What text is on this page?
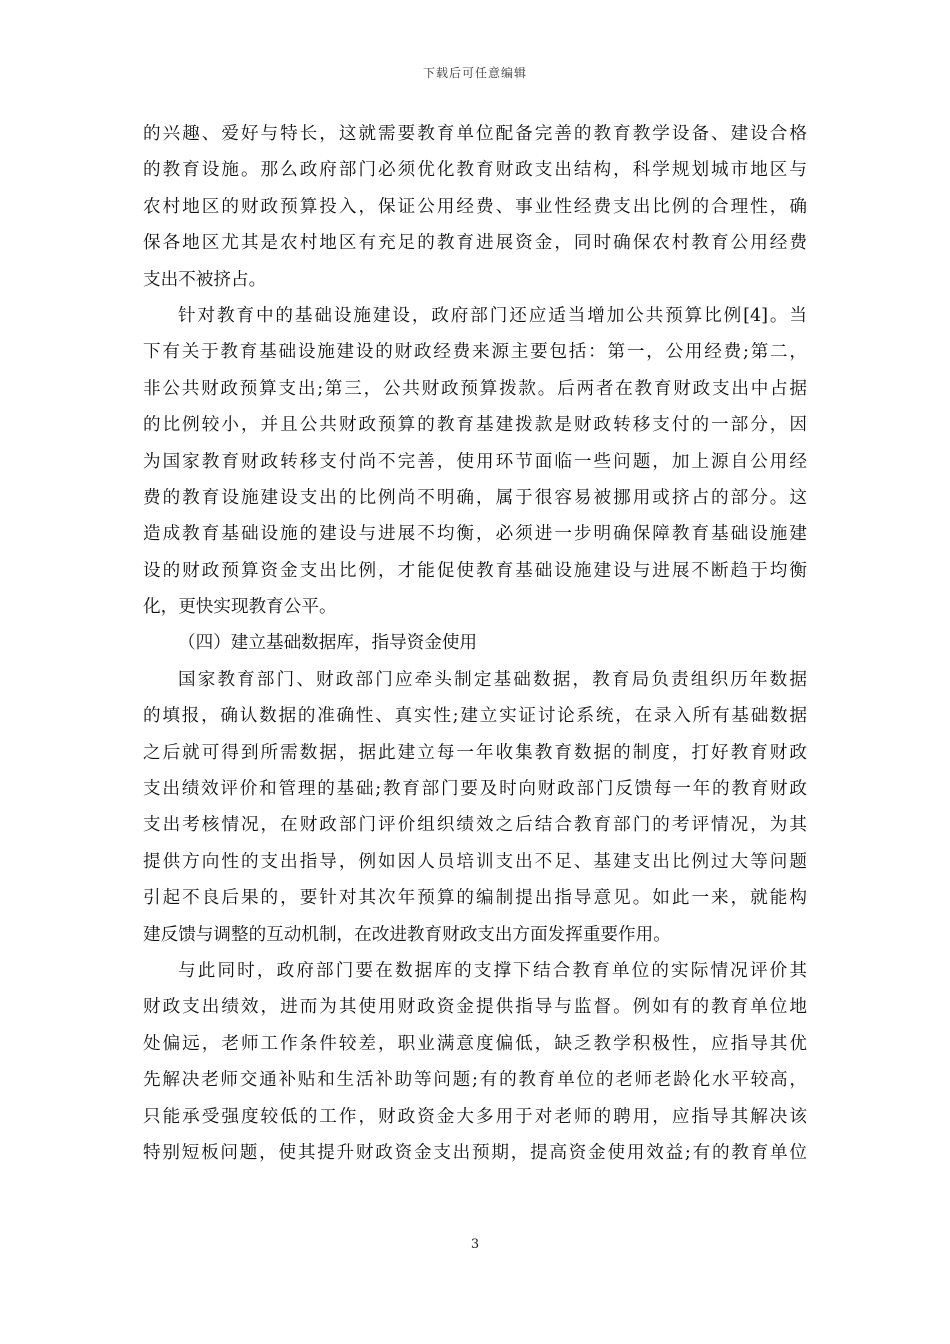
下载后可任意编辑
的兴趣、爱好与特长，这就需要教育单位配备完善的教育教学设备、建设合格
的教育设施。那么政府部门必须优化教育财政支出结构，科学规划城市地区与
农村地区的财政预算投入，保证公用经费、事业性经费支出比例的合理性，确
保各地区尤其是农村地区有充足的教育进展资金，同时确保农村教育公用经费
支出不被挤占。
针对教育中的基础设施建设，政府部门还应适当增加公共预算比例[4]。当
下有关于教育基础设施建设的财政经费来源主要包括：第一，公用经费;第二，
非公共财政预算支出;第三，公共财政预算拨款。后两者在教育财政支出中占据
的比例较小，并且公共财政预算的教育基建拨款是财政转移支付的一部分，因
为国家教育财政转移支付尚不完善，使用环节面临一些问题，加上源自公用经
费的教育设施建设支出的比例尚不明确，属于很容易被挪用或挤占的部分。这
造成教育基础设施的建设与进展不均衡，必须进一步明确保障教育基础设施建
设的财政预算资金支出比例，才能促使教育基础设施建设与进展不断趋于均衡
化，更快实现教育公平。
（四）建立基础数据库，指导资金使用
国家教育部门、财政部门应牵头制定基础数据，教育局负责组织历年数据
的填报，确认数据的准确性、真实性;建立实证讨论系统，在录入所有基础数据
之后就可得到所需数据，据此建立每一年收集教育数据的制度，打好教育财政
支出绩效评价和管理的基础;教育部门要及时向财政部门反馈每一年的教育财政
支出考核情况，在财政部门评价组织绩效之后结合教育部门的考评情况，为其
提供方向性的支出指导，例如因人员培训支出不足、基建支出比例过大等问题
引起不良后果的，要针对其次年预算的编制提出指导意见。如此一来，就能构
建反馈与调整的互动机制，在改进教育财政支出方面发挥重要作用。
与此同时，政府部门要在数据库的支撑下结合教育单位的实际情况评价其
财政支出绩效，进而为其使用财政资金提供指导与监督。例如有的教育单位地
处偏远，老师工作条件较差，职业满意度偏低，缺乏教学积极性，应指导其优
先解决老师交通补贴和生活补助等问题;有的教育单位的老师老龄化水平较高，
只能承受强度较低的工作，财政资金大多用于对老师的聘用，应指导其解决该
特别短板问题，使其提升财政资金支出预期，提高资金使用效益;有的教育单位
3
